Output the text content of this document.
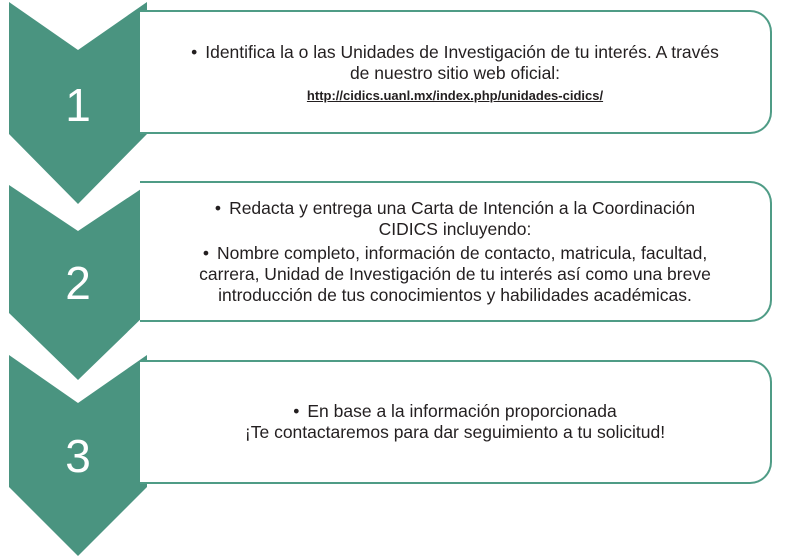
1
• Identifica la o las Unidades de Investigación de tu interés. A través
de nuestro sitio web oficial:
http://cidics.uanl.mx/index.php/unidades-cidics/
2
• Redacta y entrega una Carta de Intención a la Coordinación
CIDICS incluyendo:
• Nombre completo, información de contacto, matricula, facultad,
carrera, Unidad de Investigación de tu interés así como una breve
introducción de tus conocimientos y habilidades académicas.
3
• En base a la información proporcionada
¡Te contactaremos para dar seguimiento a tu solicitud!
